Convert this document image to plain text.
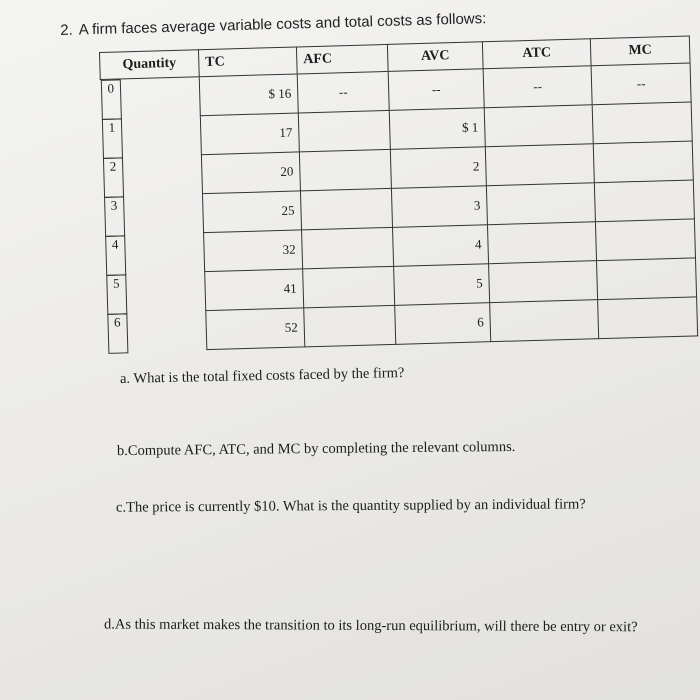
2. A firm faces average variable costs and total costs as follows:
Quantity	TC	AFC	AVC	ATC	MC

0	$ 16	--	--	--	--

1	17		$ 1		

2	20		2		

3	25		3		

4	32		4		

5	41		5		

6	52		6		
a. What is the total fixed costs faced by the firm?
b.Compute AFC, ATC, and MC by completing the relevant columns.
c.The price is currently $10. What is the quantity supplied by an individual firm?
d.As this market makes the transition to its long-run equilibrium, will there be entry or exit?
